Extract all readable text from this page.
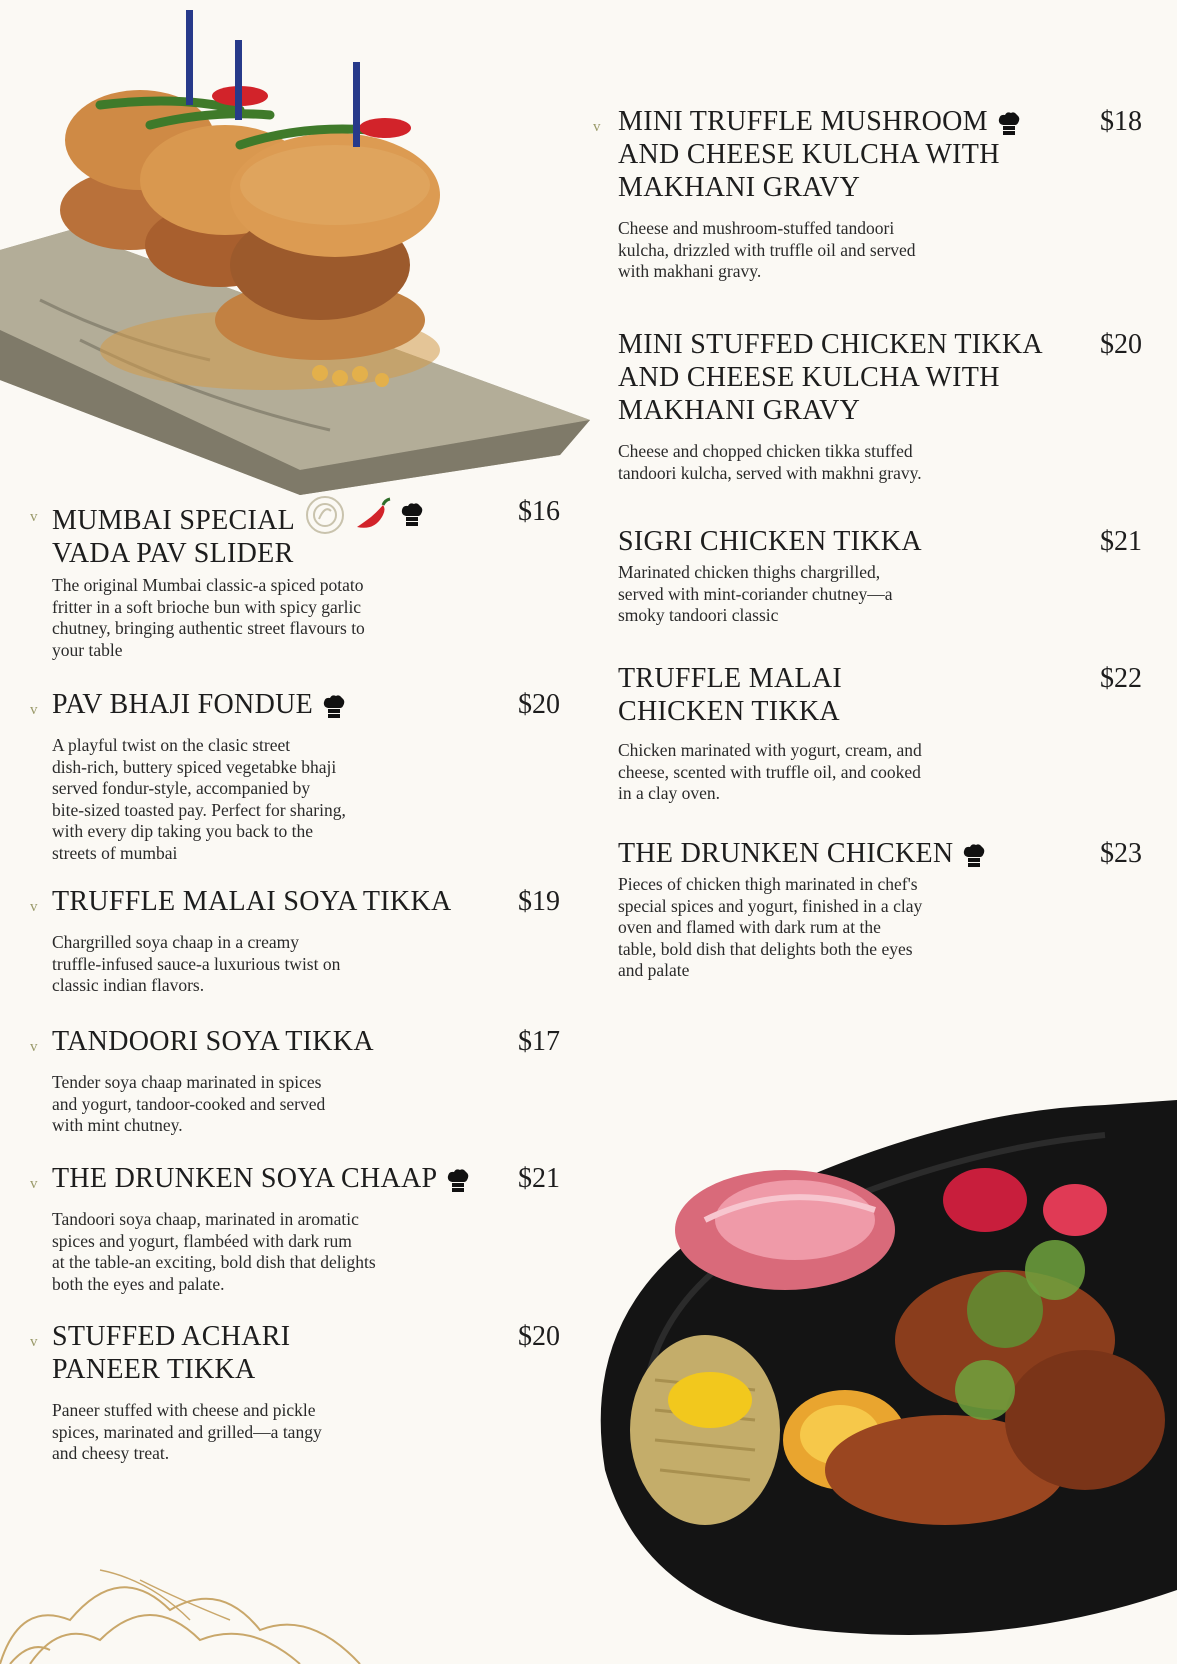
v MUMBAI SPECIAL
VADA PAV SLIDER
$16

The original Mumbai classic-a spiced potato
fritter in a soft brioche bun with spicy garlic
chutney, bringing authentic street flavours to
your table

v PAV BHAJI FONDUE	$20

A playful twist on the clasic street
dish-rich, buttery spiced vegetabke bhaji
served fondur-style, accompanied by
bite-sized toasted pay. Perfect for sharing,
with every dip taking you back to the
streets of mumbai

v TRUFFLE MALAI SOYA TIKKA $19

Chargrilled soya chaap in a creamy
truffle-infused sauce-a luxurious twist on
classic indian flavors.

v TANDOORI SOYA TIKKA	$17

Tender soya chaap marinated in spices
and yogurt, tandoor-cooked and served
with mint chutney.

v THE DRUNKEN SOYA CHAAP	$21

Tandoori soya chaap, marinated in aromatic
spices and yogurt, flambéed with dark rum
at the table-an exciting, bold dish that delights
both the eyes and palate.

v STUFFED ACHARI
PANEER TIKKA
$20

Paneer stuffed with cheese and pickle
spices, marinated and grilled—a tangy
and cheesy treat.

v MINI TRUFFLE MUSHROOM
AND CHEESE KULCHA WITH
MAKHANI GRAVY
$18

Cheese and mushroom-stuffed tandoori
kulcha, drizzled with truffle oil and served
with makhani gravy.

MINI STUFFED CHICKEN TIKKA
AND CHEESE KULCHA WITH
MAKHANI GRAVY
$20

Cheese and chopped chicken tikka stuffed
tandoori kulcha, served with makhni gravy.

SIGRI CHICKEN TIKKA	$21

Marinated chicken thighs chargrilled,
served with mint-coriander chutney—a
smoky tandoori classic

TRUFFLE MALAI
CHICKEN TIKKA
$22

Chicken marinated with yogurt, cream, and
cheese, scented with truffle oil, and cooked
in a clay oven.

THE DRUNKEN CHICKEN	$23

Pieces of chicken thigh marinated in chef's
special spices and yogurt, finished in a clay
oven and flamed with dark rum at the
table, bold dish that delights both the eyes
and palate
